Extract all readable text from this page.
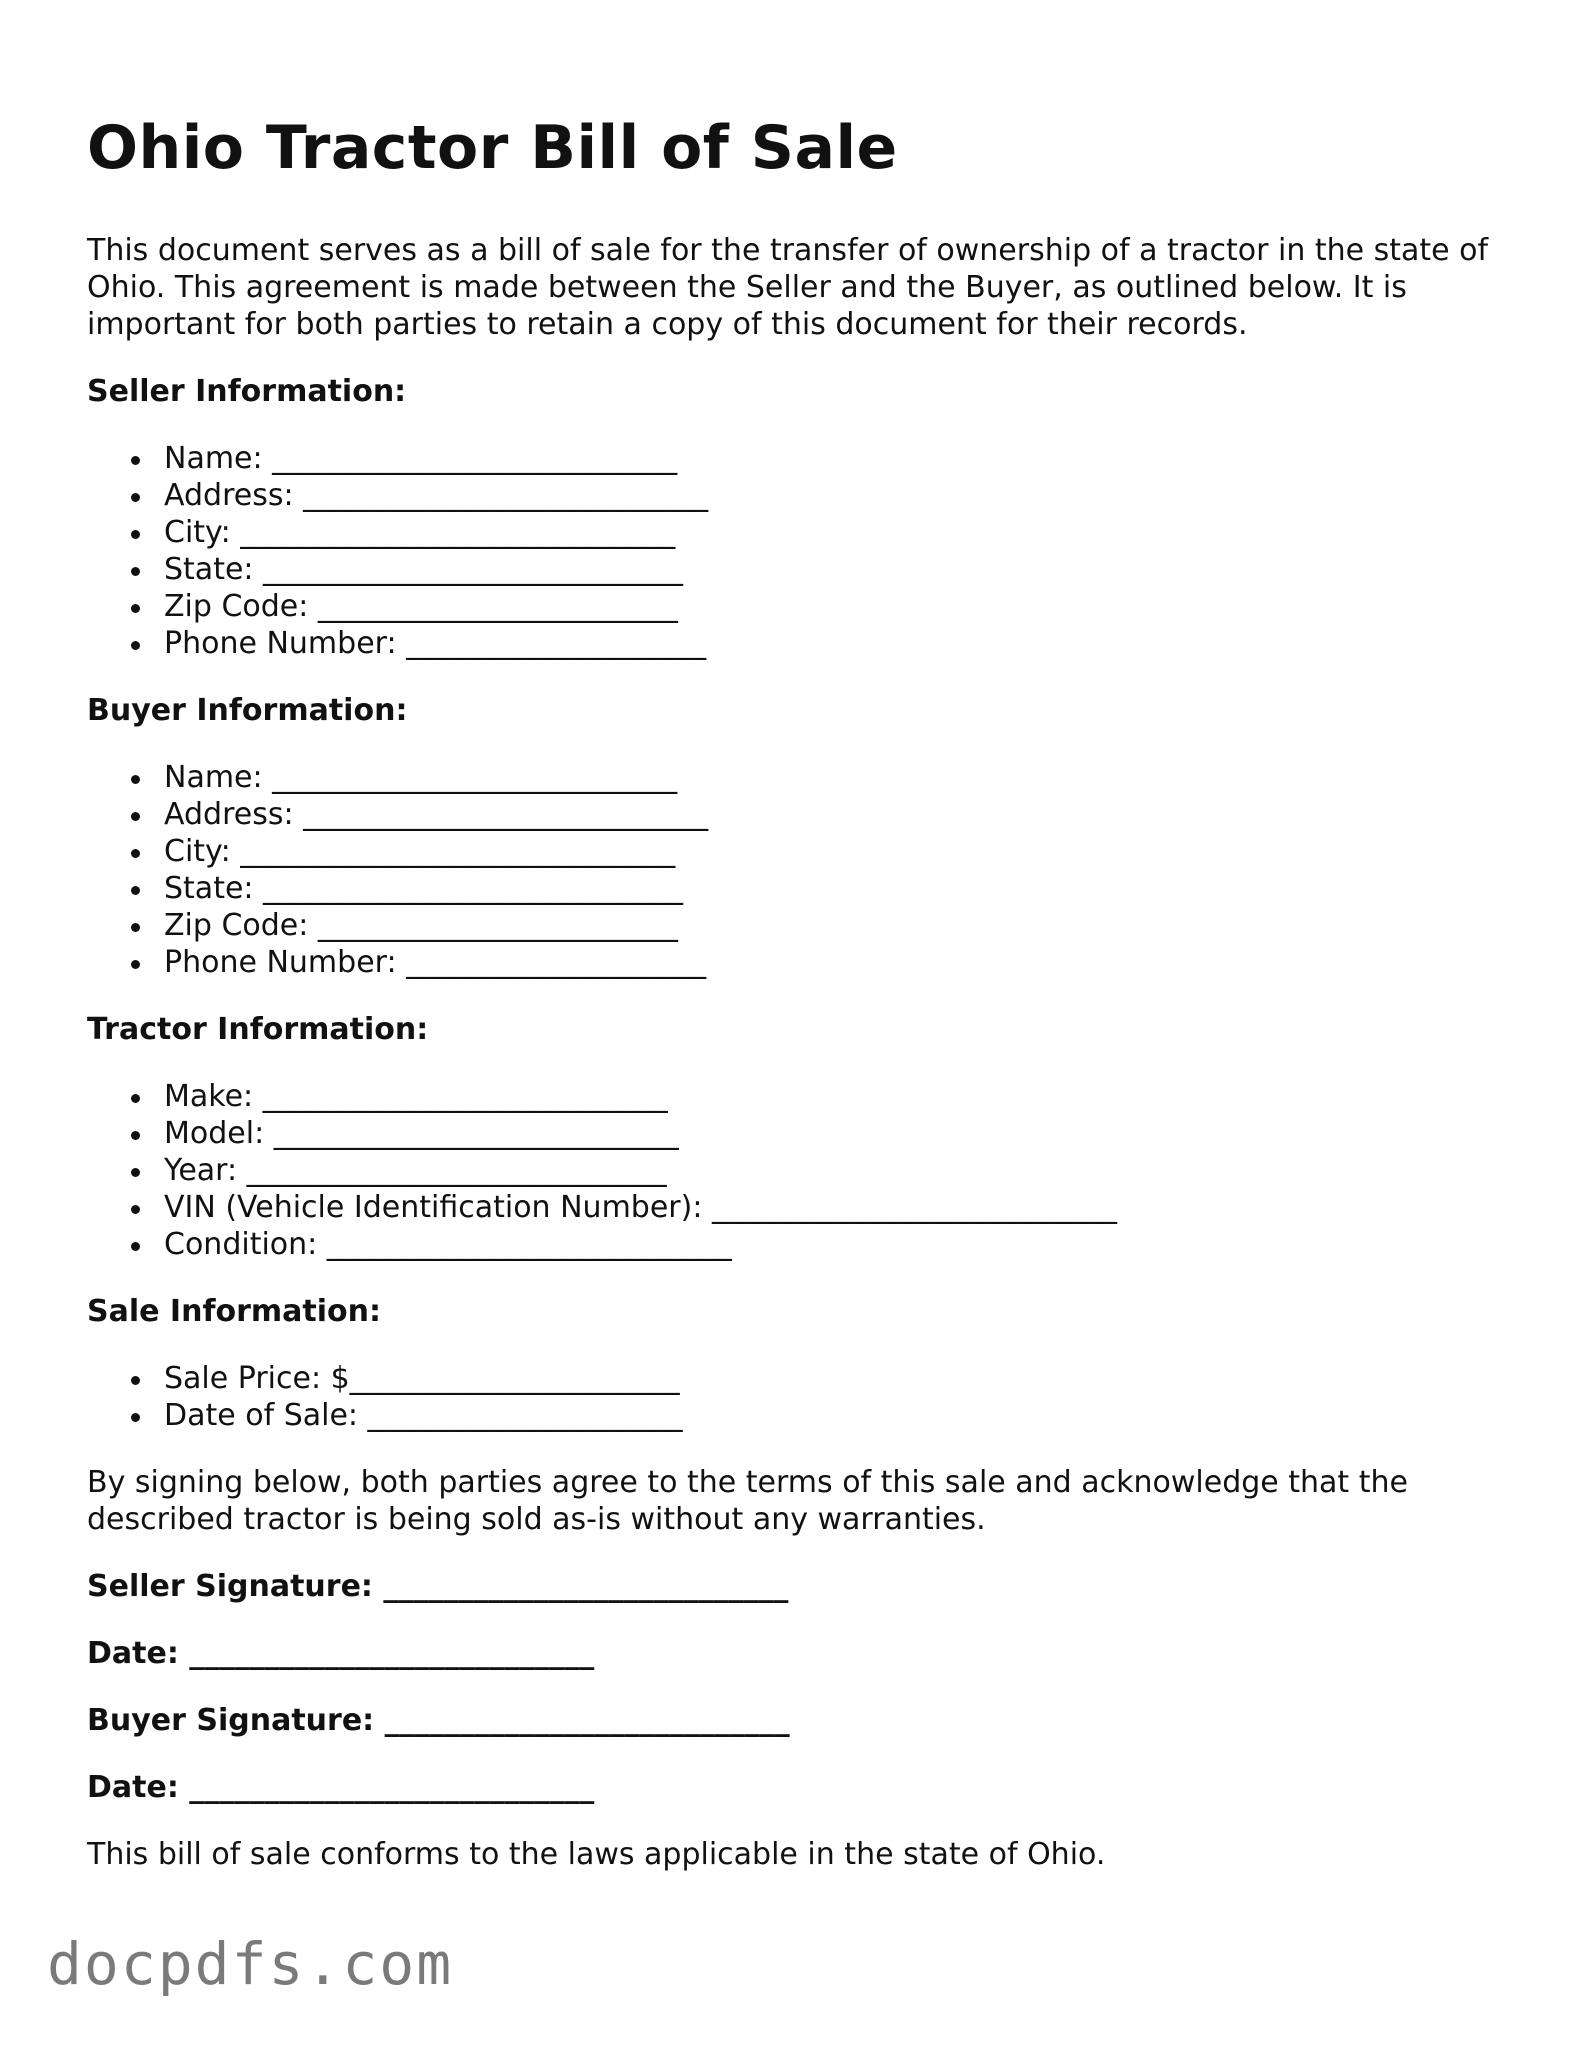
Ohio Tractor Bill of Sale

This document serves as a bill of sale for the transfer of ownership of a tractor in the state of Ohio. This agreement is made between the Seller and the Buyer, as outlined below. It is important for both parties to retain a copy of this document for their records.

Seller Information:
Name: ___________________________
Address: ___________________________
City: _____________________________
State: ____________________________
Zip Code: ________________________
Phone Number: ____________________
Buyer Information:
Name: ___________________________
Address: ___________________________
City: _____________________________
State: ____________________________
Zip Code: ________________________
Phone Number: ____________________
Tractor Information:
Make: ___________________________
Model: ___________________________
Year: ____________________________
VIN (Vehicle Identification Number): ___________________________
Condition: ___________________________
Sale Information:
Sale Price: $______________________
Date of Sale: _____________________

By signing below, both parties agree to the terms of this sale and acknowledge that the described tractor is being sold as-is without any warranties.

Seller Signature: ___________________________
Date: ___________________________
Buyer Signature: ___________________________
Date: ___________________________

This bill of sale conforms to the laws applicable in the state of Ohio.

docpdfs.com
